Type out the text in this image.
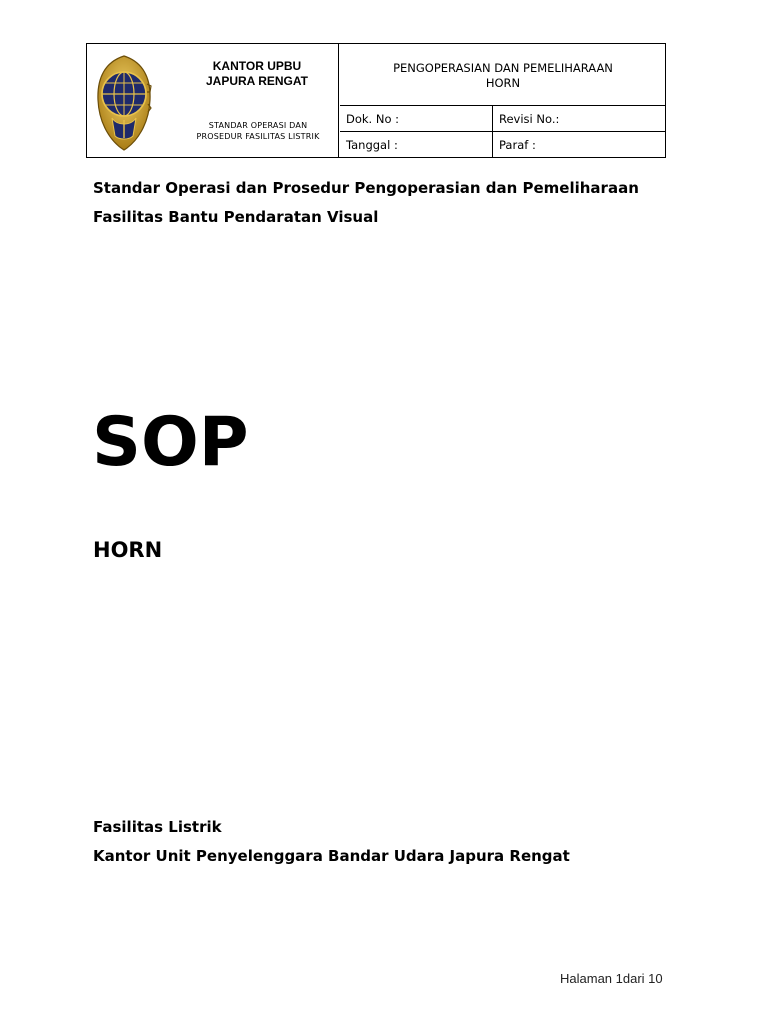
KANTOR UPBU
JAPURA RENGAT
STANDAR OPERASI DAN
PROSEDUR FASILITAS LISTRIK
PENGOPERASIAN DAN PEMELIHARAAN
HORN
Dok. No :	Revisi No.:
Tanggal :	Paraf :
Standar Operasi dan Prosedur Pengoperasian dan Pemeliharaan
Fasilitas Bantu Pendaratan Visual
SOP
HORN
Fasilitas Listrik
Kantor Unit Penyelenggara Bandar Udara Japura Rengat
Halaman 1dari 10
